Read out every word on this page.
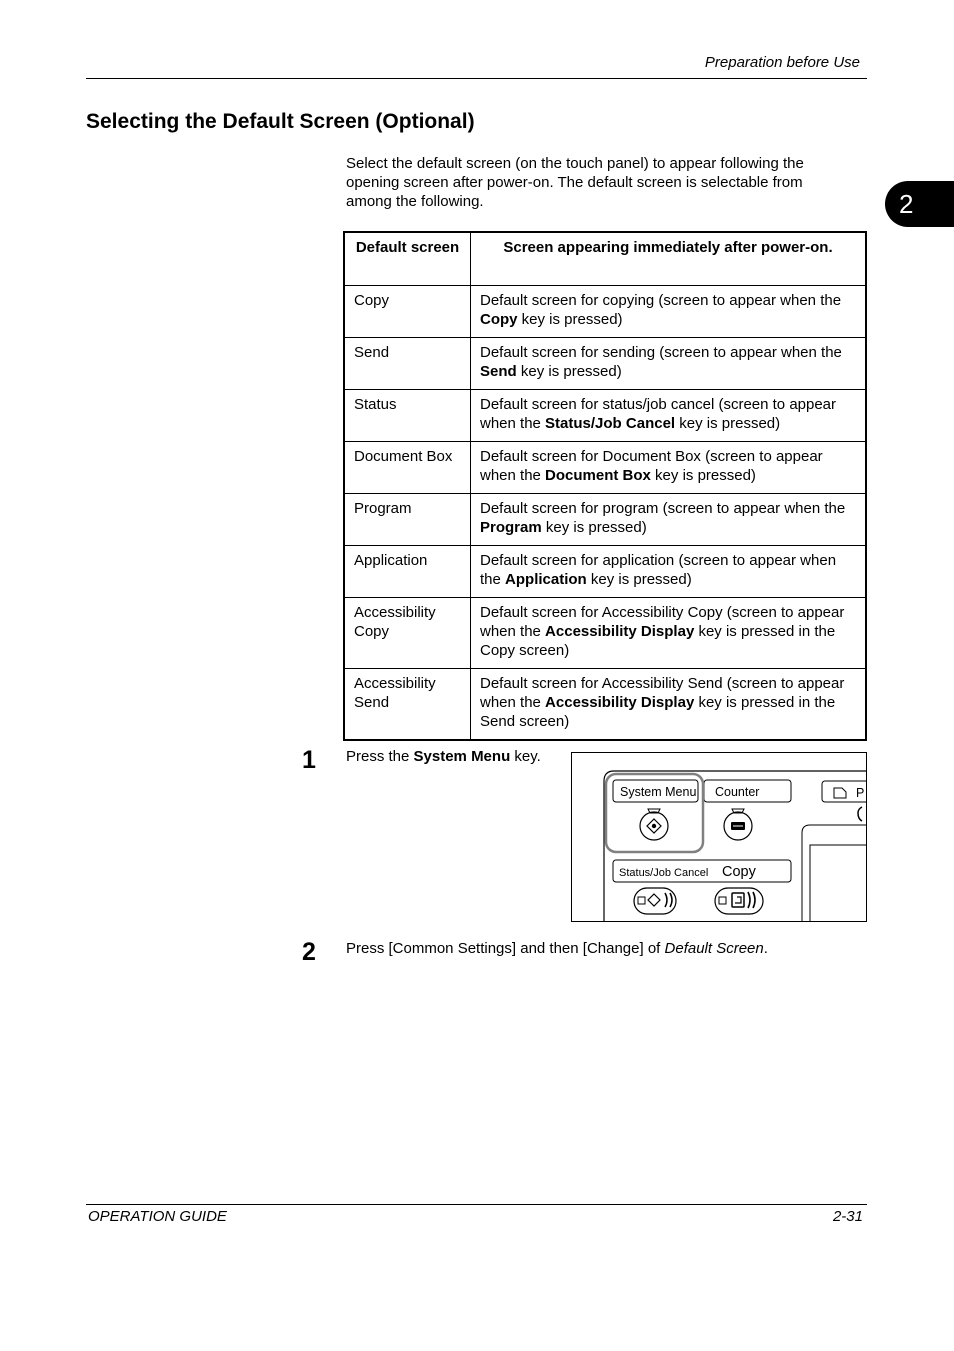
Preparation before Use
2
Selecting the Default Screen (Optional)
Select the default screen (on the touch panel) to appear following the opening screen after power-on. The default screen is selectable from among the following.
Default screen	Screen appearing immediately after power-on.
Copy	Default screen for copying (screen to appear when the Copy key is pressed)
Send	Default screen for sending (screen to appear when the Send key is pressed)
Status	Default screen for status/job cancel (screen to appear when the Status/Job Cancel key is pressed)
Document Box	Default screen for Document Box (screen to appear when the Document Box key is pressed)
Program	Default screen for program (screen to appear when the Program key is pressed)
Application	Default screen for application (screen to appear when the Application key is pressed)
Accessibility Copy	Default screen for Accessibility Copy (screen to appear when the Accessibility Display key is pressed in the Copy screen)
Accessibility Send	Default screen for Accessibility Send (screen to appear when the Accessibility Display key is pressed in the Send screen)
1 Press the System Menu key.
System Menu Counter	P
Status/Job Cancel Copy
2 Press [Common Settings] and then [Change] of Default Screen.
OPERATION GUIDE	2-31
